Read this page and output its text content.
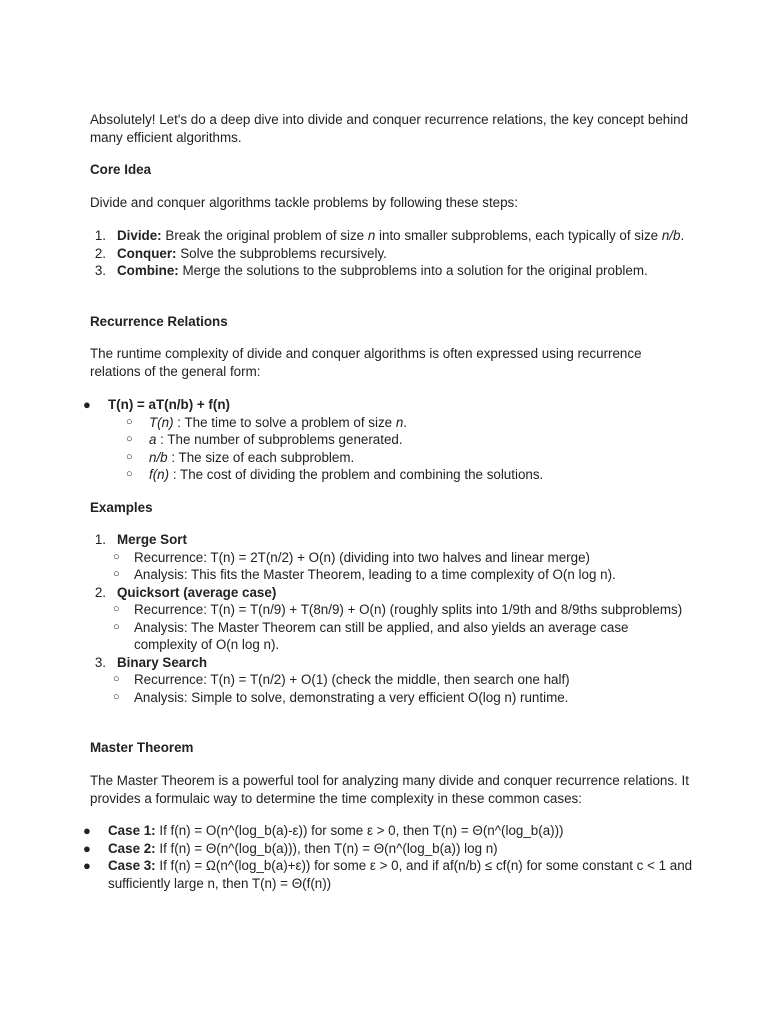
Absolutely! Let's do a deep dive into divide and conquer recurrence relations, the key concept behind many efficient algorithms.

Core Idea

Divide and conquer algorithms tackle problems by following these steps:

1. Divide: Break the original problem of size n into smaller subproblems, each typically of size n/b.
2. Conquer: Solve the subproblems recursively.
3. Combine: Merge the solutions to the subproblems into a solution for the original problem.

Recurrence Relations

The runtime complexity of divide and conquer algorithms is often expressed using recurrence relations of the general form:

● T(n) = aT(n/b) + f(n)
○ T(n) : The time to solve a problem of size n.
○ a : The number of subproblems generated.
○ n/b : The size of each subproblem.
○ f(n) : The cost of dividing the problem and combining the solutions.

Examples

1. Merge Sort
○ Recurrence: T(n) = 2T(n/2) + O(n) (dividing into two halves and linear merge)
○ Analysis: This fits the Master Theorem, leading to a time complexity of O(n log n).
2. Quicksort (average case)
○ Recurrence: T(n) = T(n/9) + T(8n/9) + O(n) (roughly splits into 1/9th and 8/9ths subproblems)
○ Analysis: The Master Theorem can still be applied, and also yields an average case complexity of O(n log n).
3. Binary Search
○ Recurrence: T(n) = T(n/2) + O(1) (check the middle, then search one half)
○ Analysis: Simple to solve, demonstrating a very efficient O(log n) runtime.

Master Theorem

The Master Theorem is a powerful tool for analyzing many divide and conquer recurrence relations. It provides a formulaic way to determine the time complexity in these common cases:

● Case 1: If f(n) = O(n^(log_b(a)-ε)) for some ε > 0, then T(n) = Θ(n^(log_b(a)))
● Case 2: If f(n) = Θ(n^(log_b(a))), then T(n) = Θ(n^(log_b(a)) log n)
● Case 3: If f(n) = Ω(n^(log_b(a)+ε)) for some ε > 0, and if af(n/b) ≤ cf(n) for some constant c < 1 and sufficiently large n, then T(n) = Θ(f(n))
